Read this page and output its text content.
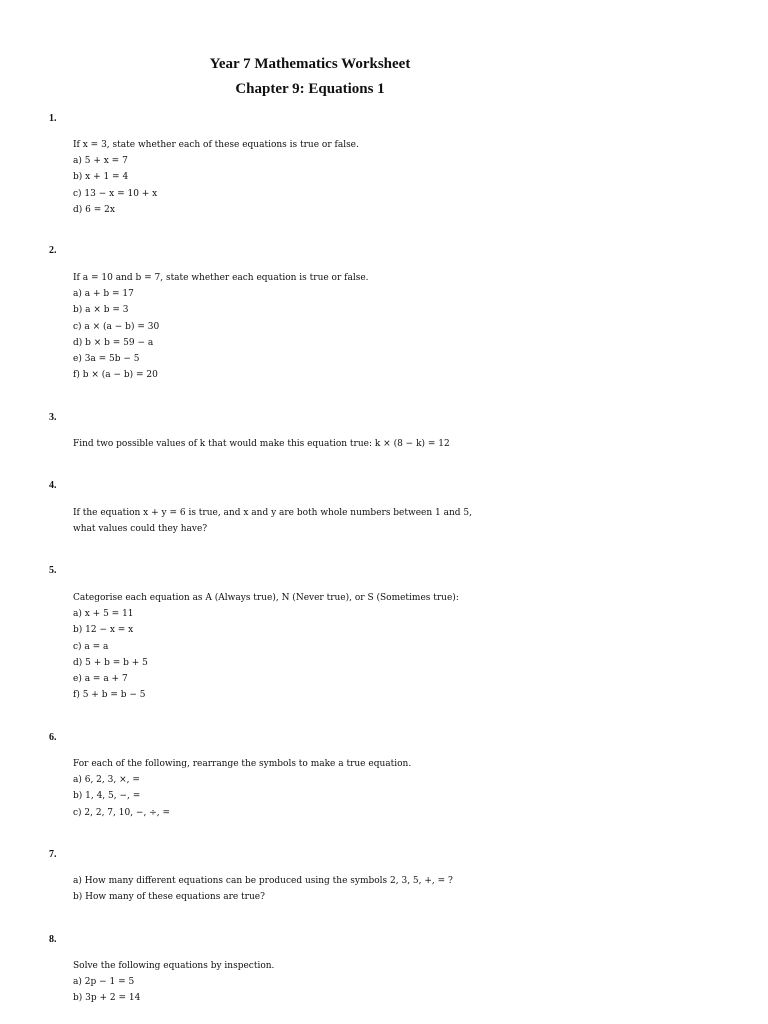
Year 7 Mathematics Worksheet
Chapter 9: Equations 1
1.
If x = 3, state whether each of these equations is true or false.
a) 5 + x = 7
b) x + 1 = 4
c) 13 − x = 10 + x
d) 6 = 2x
2.
If a = 10 and b = 7, state whether each equation is true or false.
a) a + b = 17
b) a × b = 3
c) a × (a − b) = 30
d) b × b = 59 − a
e) 3a = 5b − 5
f) b × (a − b) = 20
3.
Find two possible values of k that would make this equation true: k × (8 − k) = 12
4.
If the equation x + y = 6 is true, and x and y are both whole numbers between 1 and 5,
what values could they have?
5.
Categorise each equation as A (Always true), N (Never true), or S (Sometimes true):
a) x + 5 = 11
b) 12 − x = x
c) a = a
d) 5 + b = b + 5
e) a = a + 7
f) 5 + b = b − 5
6.
For each of the following, rearrange the symbols to make a true equation.
a) 6, 2, 3, ×, =
b) 1, 4, 5, −, =
c) 2, 2, 7, 10, −, ÷, =
7.
a) How many different equations can be produced using the symbols 2, 3, 5, +, = ?
b) How many of these equations are true?
8.
Solve the following equations by inspection.
a) 2p − 1 = 5
b) 3p + 2 = 14
